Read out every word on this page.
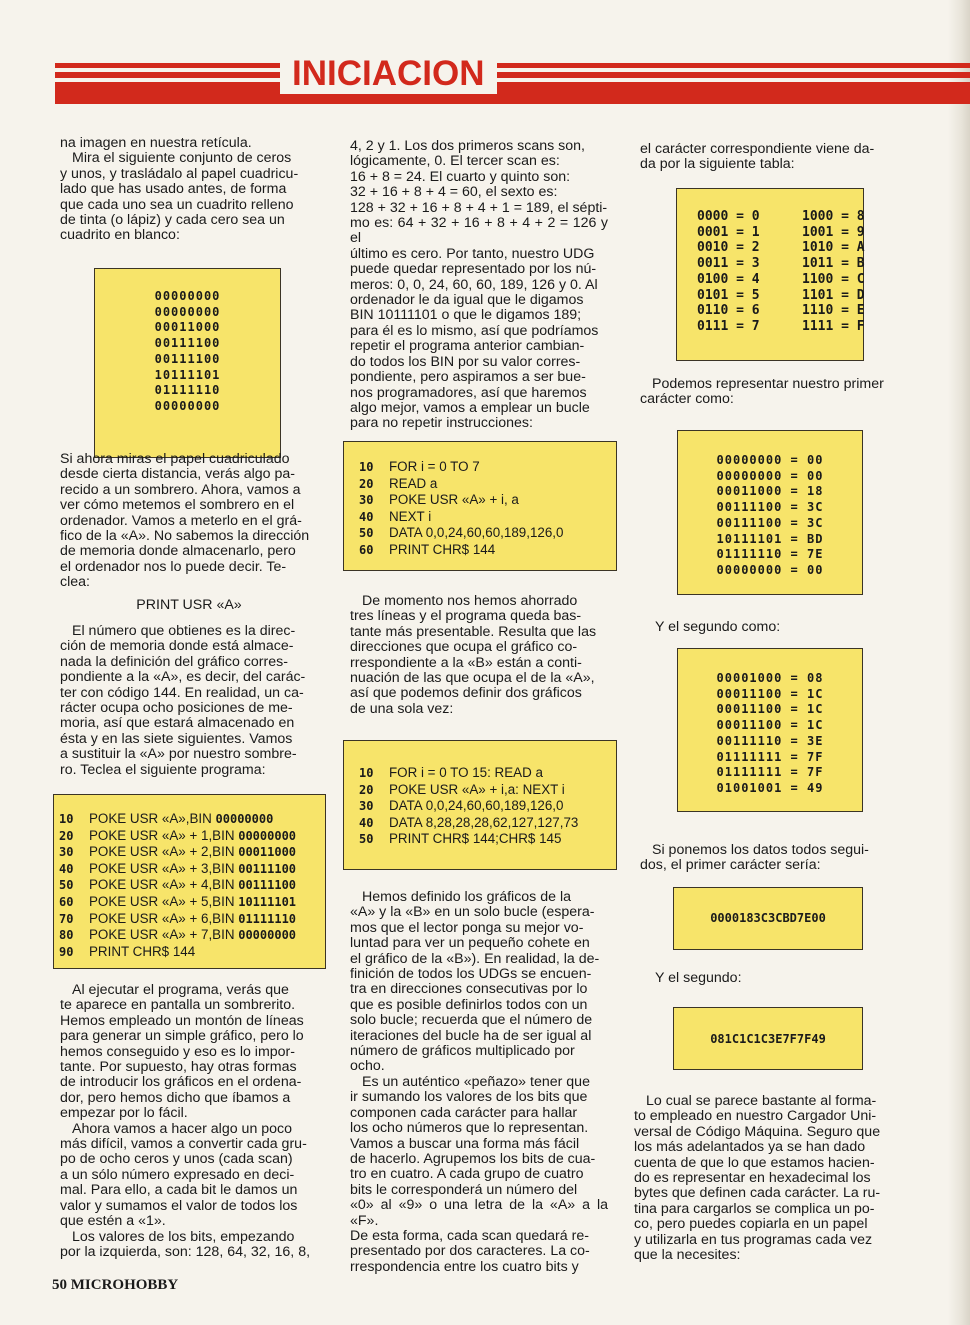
INICIACION
na imagen en nuestra retícula.
Mira el siguiente conjunto de ceros
y unos, y trasládalo al papel cuadricu-
lado que has usado antes, de forma
que cada uno sea un cuadrito relleno
de tinta (o lápiz) y cada cero sea un
cuadrito en blanco:
00000000
00000000
00011000
00111100
00111100
10111101
01111110
00000000
Si ahora miras el papel cuadriculado
desde cierta distancia, verás algo pa-
recido a un sombrero. Ahora, vamos a
ver cómo metemos el sombrero en el
ordenador. Vamos a meterlo en el grá-
fico de la «A». No sabemos la dirección
de memoria donde almacenarlo, pero
el ordenador nos lo puede decir. Te-
clea:
PRINT USR «A»
El número que obtienes es la direc-
ción de memoria donde está almace-
nada la definición del gráfico corres-
pondiente a la «A», es decir, del carác-
ter con código 144. En realidad, un ca-
rácter ocupa ocho posiciones de me-
moria, así que estará almacenado en
ésta y en las siete siguientes. Vamos
a sustituir la «A» por nuestro sombre-
ro. Teclea el siguiente programa:
10 POKE USR «A»,BIN 00000000
20 POKE USR «A» + 1,BIN 00000000
30 POKE USR «A» + 2,BIN 00011000
40 POKE USR «A» + 3,BIN 00111100
50 POKE USR «A» + 4,BIN 00111100
60 POKE USR «A» + 5,BIN 10111101
70 POKE USR «A» + 6,BIN 01111110
80 POKE USR «A» + 7,BIN 00000000
90 PRINT CHR$ 144
Al ejecutar el programa, verás que
te aparece en pantalla un sombrerito.
Hemos empleado un montón de líneas
para generar un simple gráfico, pero lo
hemos conseguido y eso es lo impor-
tante. Por supuesto, hay otras formas
de introducir los gráficos en el ordena-
dor, pero hemos dicho que íbamos a
empezar por lo fácil.
Ahora vamos a hacer algo un poco
más difícil, vamos a convertir cada gru-
po de ocho ceros y unos (cada scan)
a un sólo número expresado en deci-
mal. Para ello, a cada bit le damos un
valor y sumamos el valor de todos los
que estén a «1».
Los valores de los bits, empezando
por la izquierda, son: 128, 64, 32, 16, 8,
4, 2 y 1. Los dos primeros scans son,
lógicamente, 0. El tercer scan es:
16 + 8 = 24. El cuarto y quinto son:
32 + 16 + 8 + 4 = 60, el sexto es:
128 + 32 + 16 + 8 + 4 + 1 = 189, el sépti-
mo es: 64 + 32 + 16 + 8 + 4 + 2 = 126 y el
último es cero. Por tanto, nuestro UDG
puede quedar representado por los nú-
meros: 0, 0, 24, 60, 60, 189, 126 y 0. Al
ordenador le da igual que le digamos
BIN 10111101 o que le digamos 189;
para él es lo mismo, así que podríamos
repetir el programa anterior cambian-
do todos los BIN por su valor corres-
pondiente, pero aspiramos a ser bue-
nos programadores, así que haremos
algo mejor, vamos a emplear un bucle
para no repetir instrucciones:
10 FOR i = 0 TO 7
20 READ a
30 POKE USR «A» + i, a
40 NEXT i
50 DATA 0,0,24,60,60,189,126,0
60 PRINT CHR$ 144
De momento nos hemos ahorrado
tres líneas y el programa queda bas-
tante más presentable. Resulta que las
direcciones que ocupa el gráfico co-
rrespondiente a la «B» están a conti-
nuación de las que ocupa el de la «A»,
así que podemos definir dos gráficos
de una sola vez:
10 FOR i = 0 TO 15: READ a
20 POKE USR «A» + i,a: NEXT i
30 DATA 0,0,24,60,60,189,126,0
40 DATA 8,28,28,28,62,127,127,73
50 PRINT CHR$ 144;CHR$ 145
Hemos definido los gráficos de la
«A» y la «B» en un solo bucle (espera-
mos que el lector ponga su mejor vo-
luntad para ver un pequeño cohete en
el gráfico de la «B»). En realidad, la de-
finición de todos los UDGs se encuen-
tra en direcciones consecutivas por lo
que es posible definirlos todos con un
solo bucle; recuerda que el número de
iteraciones del bucle ha de ser igual al
número de gráficos multiplicado por
ocho.
Es un auténtico «peñazo» tener que
ir sumando los valores de los bits que
componen cada carácter para hallar
los ocho números que lo representan.
Vamos a buscar una forma más fácil
de hacerlo. Agrupemos los bits de cua-
tro en cuatro. A cada grupo de cuatro
bits le corresponderá un número del
«0» al «9» o una letra de la «A» a la «F».
De esta forma, cada scan quedará re-
presentado por dos caracteres. La co-
rrespondencia entre los cuatro bits y
el carácter correspondiente viene da-
da por la siguiente tabla:
0000 = 0	1000 = 8
0001 = 1	1001 = 9
0010 = 2	1010 = A
0011 = 3	1011 = B
0100 = 4	1100 = C
0101 = 5	1101 = D
0110 = 6	1110 = E
0111 = 7	1111 = F
Podemos representar nuestro primer
carácter como:
00000000 = 00
00000000 = 00
00011000 = 18
00111100 = 3C
00111100 = 3C
10111101 = BD
01111110 = 7E
00000000 = 00
Y el segundo como:
00001000 = 08
00011100 = 1C
00011100 = 1C
00011100 = 1C
00111110 = 3E
01111111 = 7F
01111111 = 7F
01001001 = 49
Si ponemos los datos todos segui-
dos, el primer carácter sería:
0000183C3CBD7E00
Y el segundo:
081C1C1C3E7F7F49
Lo cual se parece bastante al forma-
to empleado en nuestro Cargador Uni-
versal de Código Máquina. Seguro que
los más adelantados ya se han dado
cuenta de que lo que estamos hacien-
do es representar en hexadecimal los
bytes que definen cada carácter. La ru-
tina para cargarlos se complica un po-
co, pero puedes copiarla en un papel
y utilizarla en tus programas cada vez
que la necesites:
50 MICROHOBBY
